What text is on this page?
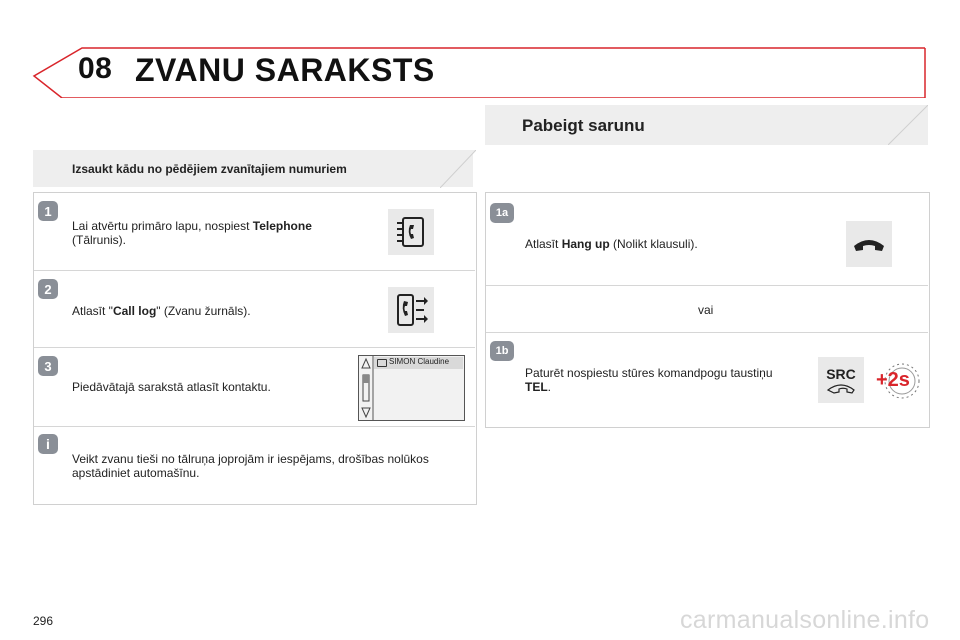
08 ZVANU SARAKSTS
Izsaukt kādu no pēdējiem zvanītajiem numuriem
Pabeigt sarunu
1
Lai atvērtu primāro lapu, nospiest Telephone (Tālrunis).
2
Atlasīt "Call log" (Zvanu žurnāls).
3
Piedāvātajā sarakstā atlasīt kontaktu.
SIMON Claudine
i
Veikt zvanu tieši no tālruņa joprojām ir iespējams, drošības nolūkos apstādiniet automašīnu.
1a
Atlasīt Hang up (Nolikt klausuli).
vai
1b
Paturēt nospiestu stūres komandpogu taustiņu TEL.
SRC +2s
296	carmanualsonline.info
